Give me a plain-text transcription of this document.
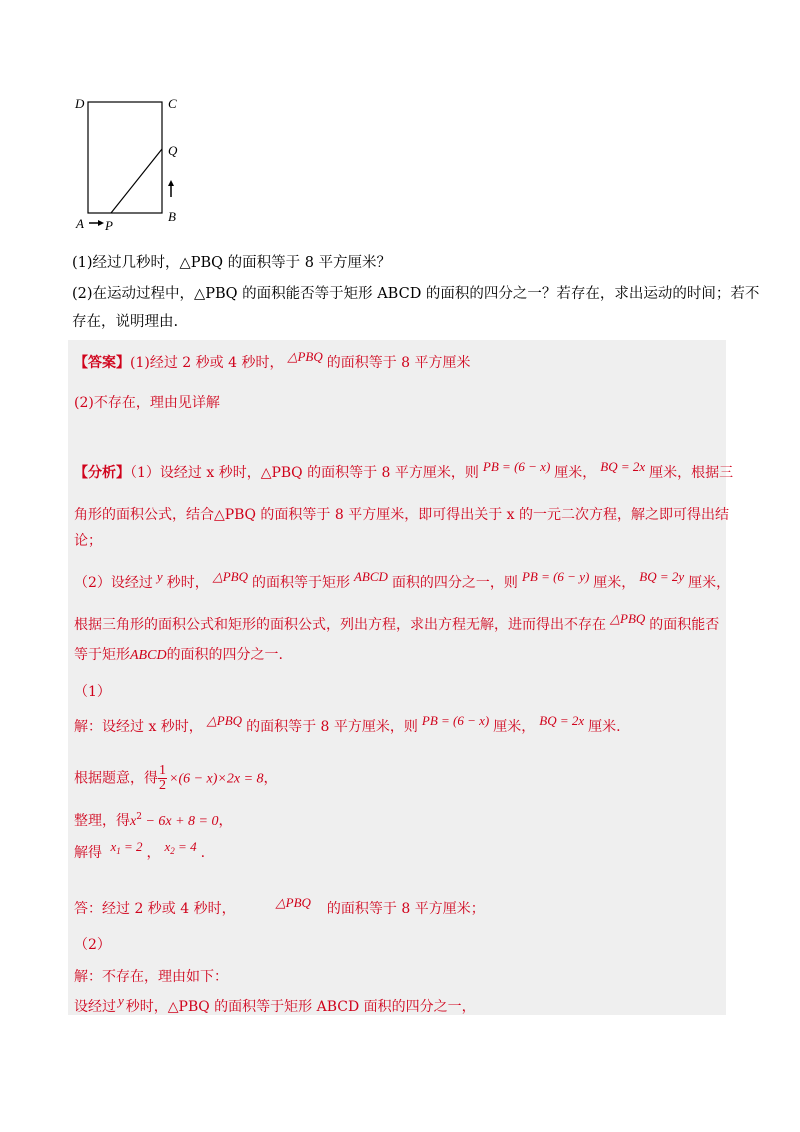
D	C
Q
B
A P
(1)经过几秒时，△PBQ 的面积等于 8 平方厘米？
(2)在运动过程中，△PBQ 的面积能否等于矩形 ABCD 的面积的四分之一？若存在，求出运动的时间；若不
存在，说明理由.
【答案】(1)经过 2 秒或 4 秒时， △PBQ 的面积等于 8 平方厘米
(2)不存在，理由见详解
【分析】（1）设经过 x 秒时，△PBQ 的面积等于 8 平方厘米，则 PB = (6 − x) 厘米， BQ = 2x 厘米，根据三
角形的面积公式，结合△PBQ 的面积等于 8 平方厘米，即可得出关于 x 的一元二次方程，解之即可得出结
论；
（2）设经过 y 秒时， △PBQ 的面积等于矩形 ABCD 面积的四分之一，则 PB = (6 − y) 厘米， BQ = 2y 厘米，
根据三角形的面积公式和矩形的面积公式，列出方程，求出方程无解，进而得出不存在 △PBQ 的面积能否
等于矩形ABCD的面积的四分之一.
（1）
解：设经过 x 秒时， △PBQ 的面积等于 8 平方厘米，则 PB = (6 − x) 厘米， BQ = 2x 厘米.
根据题意，得 $\frac{1}{2} \times(6 - x)\times 2x = 8$，
整理，得$x^2 - 6x + 8 = 0$，
解得 $x_1 = 2$ ， $x_2 = 4$ .
答：经过 2 秒或 4 秒时，	△PBQ 的面积等于 8 平方厘米；
（2）
解：不存在，理由如下：
设经过 y 秒时，△PBQ 的面积等于矩形 ABCD 面积的四分之一，
